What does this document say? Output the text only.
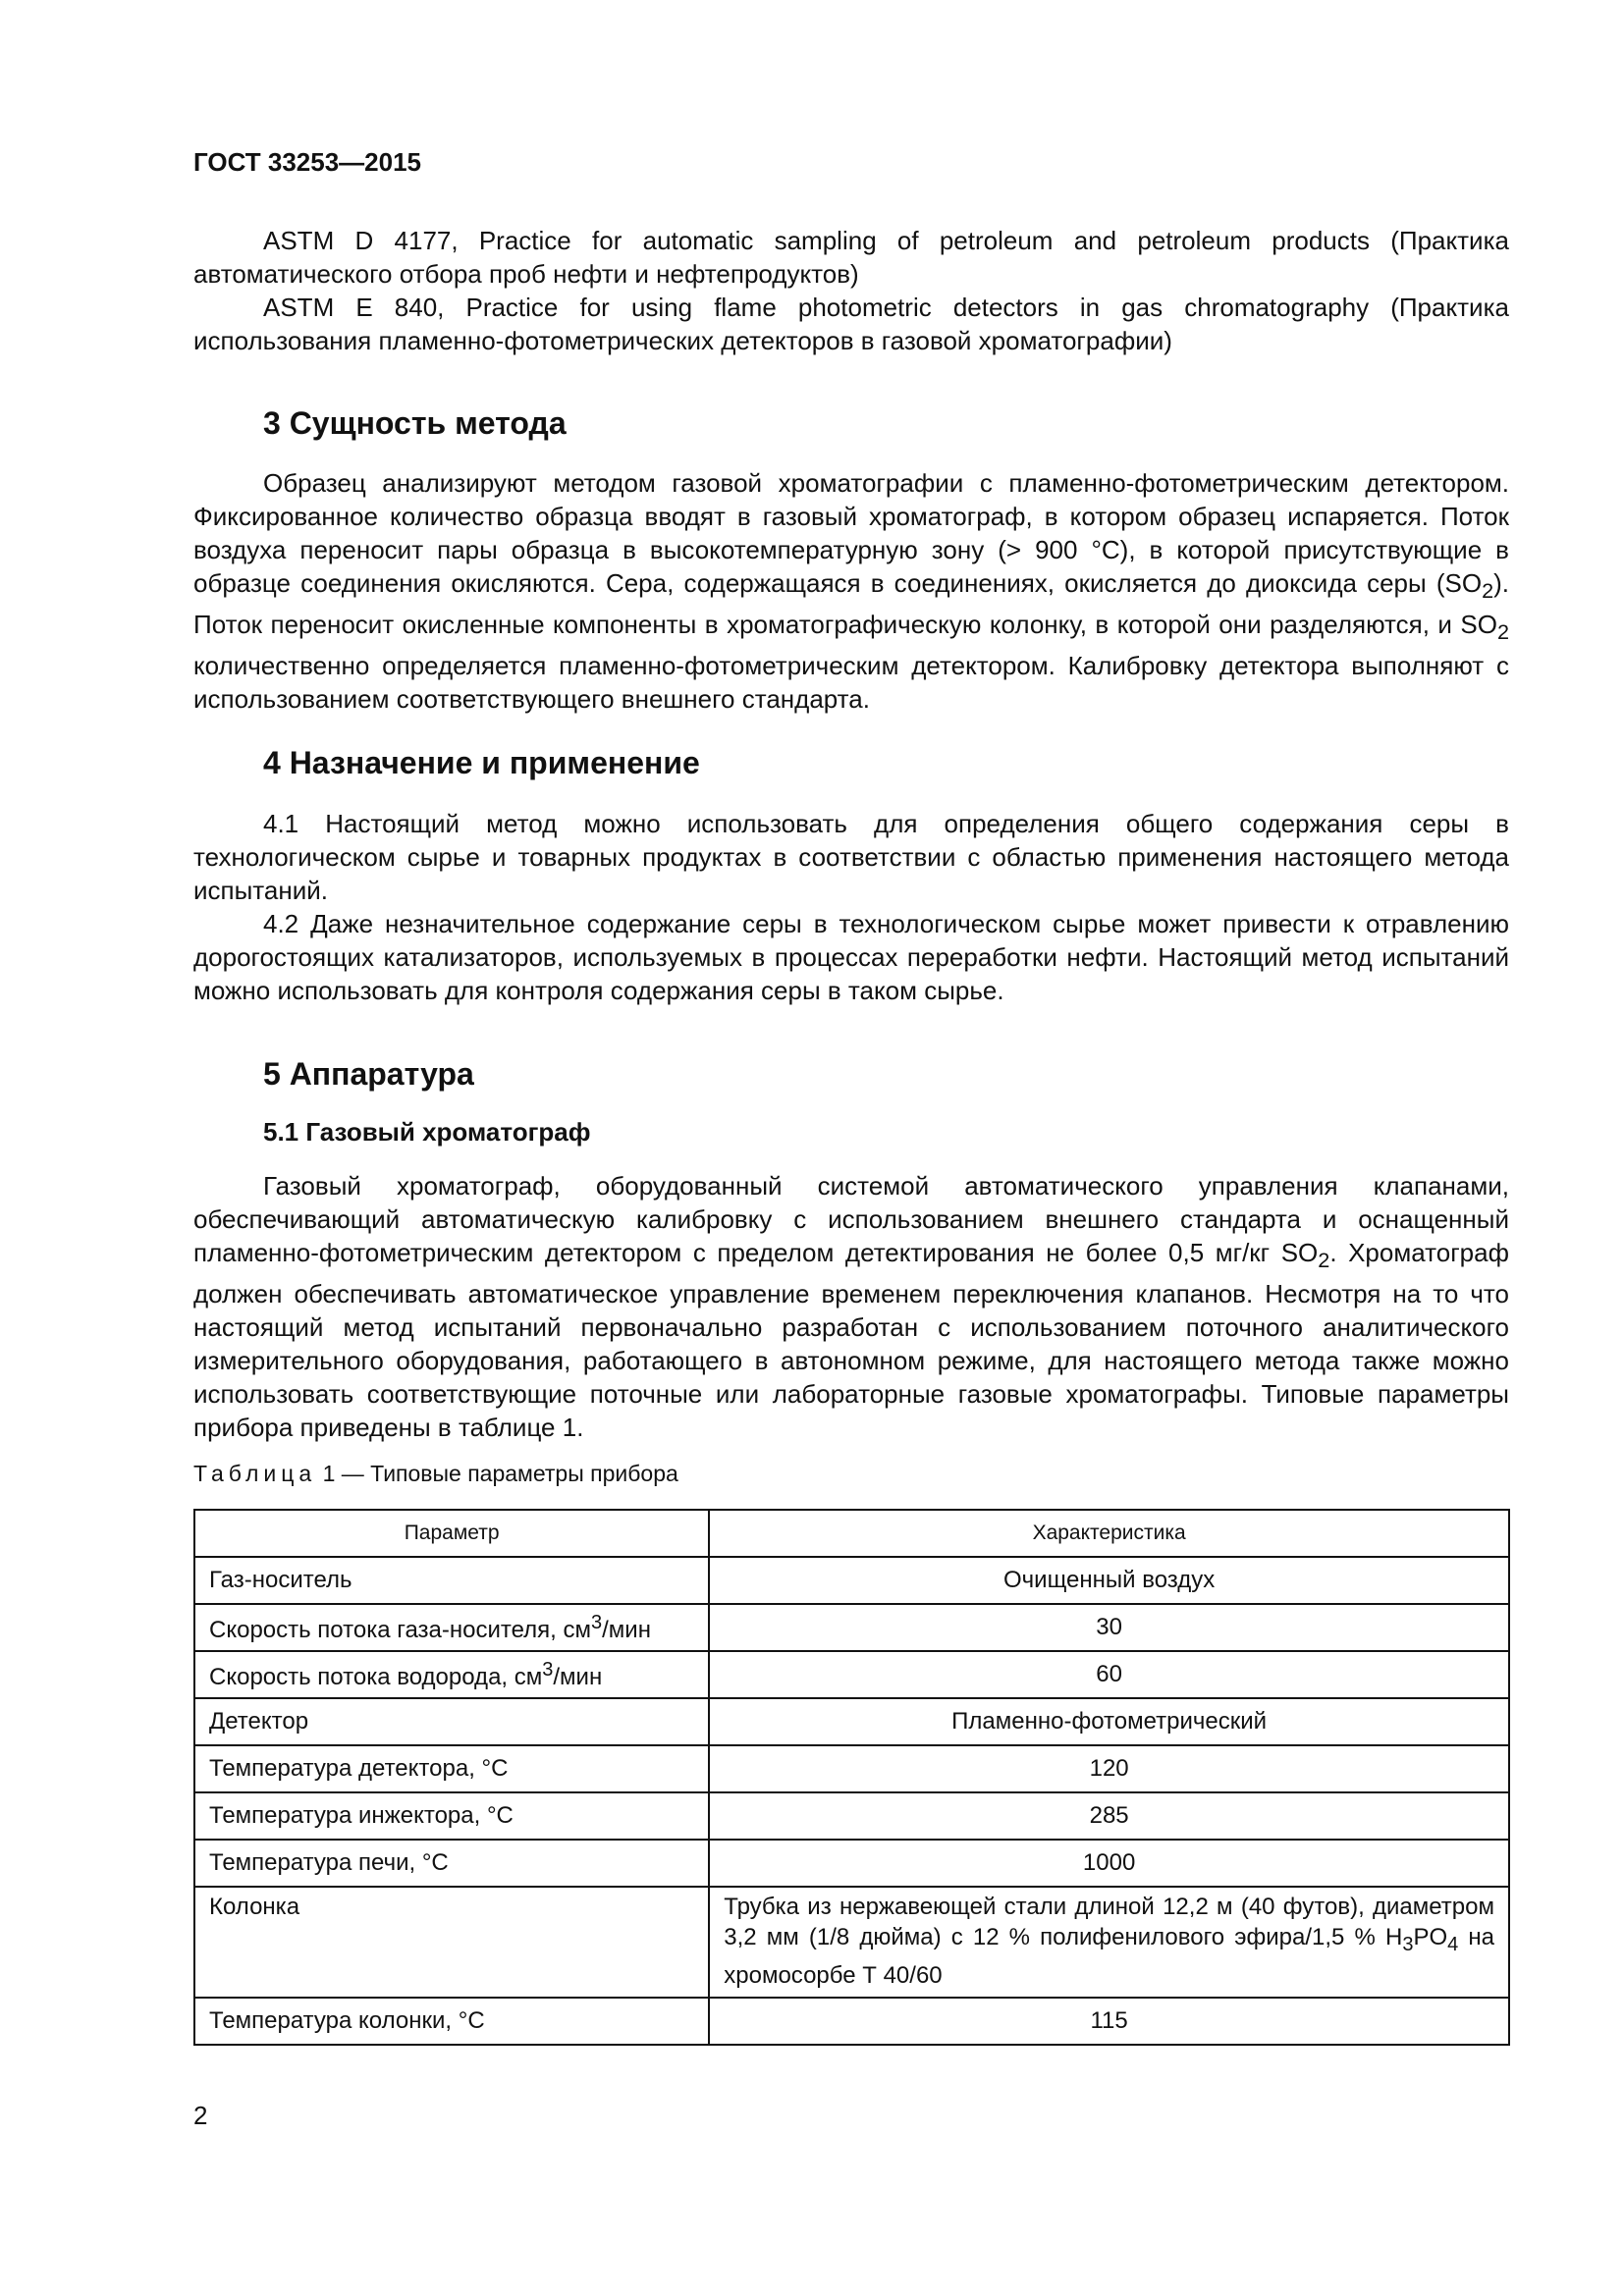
ГОСТ 33253—2015

ASTM D 4177, Practice for automatic sampling of petroleum and petroleum products (Практика автоматического отбора проб нефти и нефтепродуктов)

ASTM E 840, Practice for using flame photometric detectors in gas chromatography (Практика использования пламенно-фотометрических детекторов в газовой хроматографии)

3 Сущность метода

Образец анализируют методом газовой хроматографии с пламенно-фотометрическим детектором. Фиксированное количество образца вводят в газовый хроматограф, в котором образец испаряется. Поток воздуха переносит пары образца в высокотемпературную зону (> 900 °C), в которой присутствующие в образце соединения окисляются. Сера, содержащаяся в соединениях, окисляется до диоксида серы $(SO_2)$. Поток переносит окисленные компоненты в хроматографическую колонку, в которой они разделяются, и $SO_2$ количественно определяется пламенно-фотометрическим детектором. Калибровку детектора выполняют с использованием соответствующего внешнего стандарта.

4 Назначение и применение

4.1 Настоящий метод можно использовать для определения общего содержания серы в технологическом сырье и товарных продуктах в соответствии с областью применения настоящего метода испытаний.

4.2 Даже незначительное содержание серы в технологическом сырье может привести к отравлению дорогостоящих катализаторов, используемых в процессах переработки нефти. Настоящий метод испытаний можно использовать для контроля содержания серы в таком сырье.

5 Аппаратура
5.1 Газовый хроматограф

Газовый хроматограф, оборудованный системой автоматического управления клапанами, обеспечивающий автоматическую калибровку с использованием внешнего стандарта и оснащенный пламенно-фотометрическим детектором с пределом детектирования не более 0,5 мг/кг $SO_2$. Хроматограф должен обеспечивать автоматическое управление временем переключения клапанов. Несмотря на то что настоящий метод испытаний первоначально разработан с использованием поточного аналитического измерительного оборудования, работающего в автономном режиме, для настоящего метода также можно использовать соответствующие поточные или лабораторные газовые хроматографы. Типовые параметры прибора приведены в таблице 1.

Таблица 1 — Типовые параметры прибора

Параметр	Характеристика
Газ-носитель	Очищенный воздух
Скорость потока газа-носителя, $см^3$/мин	30
Скорость потока водорода, $см^3$/мин	60
Детектор	Пламенно-фотометрический
Температура детектора, °C	120
Температура инжектора, °C	285
Температура печи, °C	1000
Колонка	Трубка из нержавеющей стали длиной 12,2 м (40 футов), диаметром 3,2 мм (1/8 дюйма) с 12 % полифенилового эфира/1,5 % $H_3PO_4$ на хромосорбе Т 40/60
Температура колонки, °C	115

2
